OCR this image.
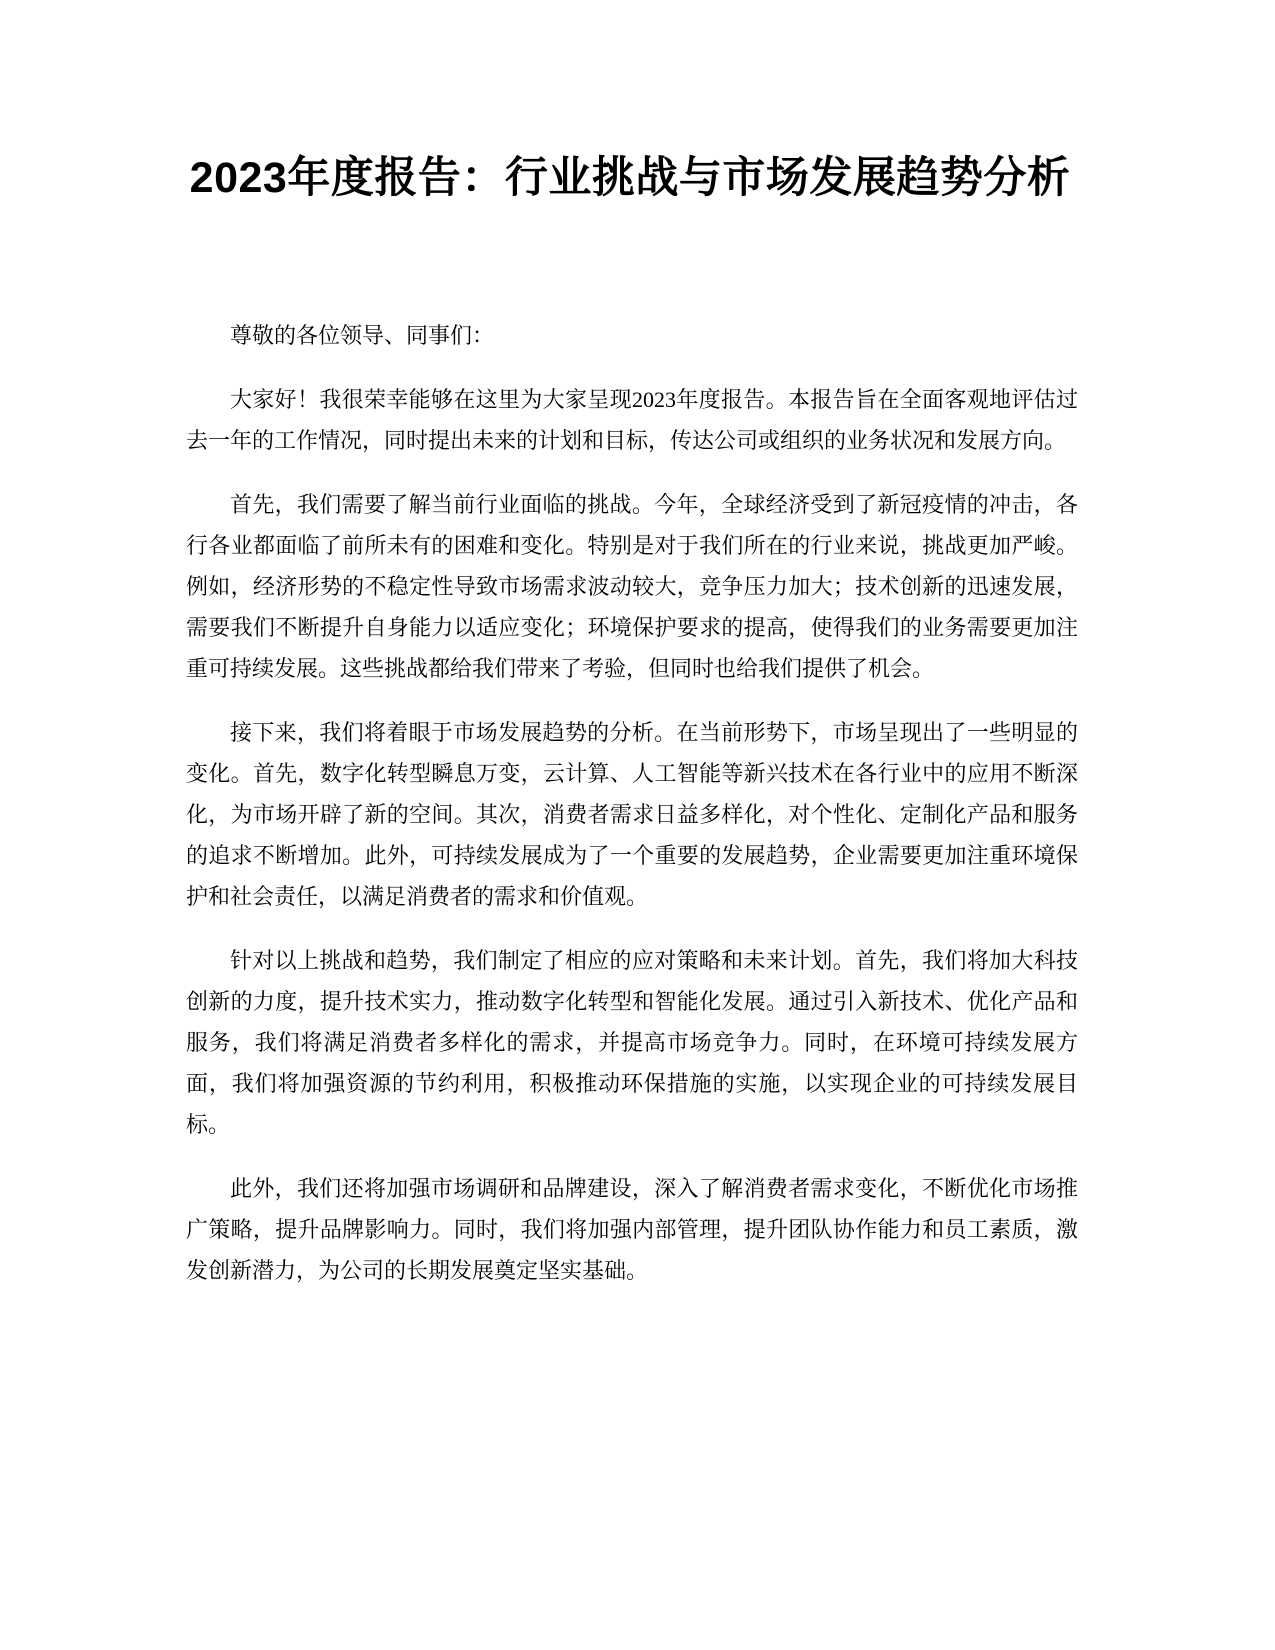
2023年度报告：行业挑战与市场发展趋势分析

尊敬的各位领导、同事们：

大家好！我很荣幸能够在这里为大家呈现2023年度报告。本报告旨在全面客观地评估过去一年的工作情况，同时提出未来的计划和目标，传达公司或组织的业务状况和发展方向。

首先，我们需要了解当前行业面临的挑战。今年，全球经济受到了新冠疫情的冲击，各行各业都面临了前所未有的困难和变化。特别是对于我们所在的行业来说，挑战更加严峻。例如，经济形势的不稳定性导致市场需求波动较大，竞争压力加大；技术创新的迅速发展，需要我们不断提升自身能力以适应变化；环境保护要求的提高，使得我们的业务需要更加注重可持续发展。这些挑战都给我们带来了考验，但同时也给我们提供了机会。

接下来，我们将着眼于市场发展趋势的分析。在当前形势下，市场呈现出了一些明显的变化。首先，数字化转型瞬息万变，云计算、人工智能等新兴技术在各行业中的应用不断深化，为市场开辟了新的空间。其次，消费者需求日益多样化，对个性化、定制化产品和服务的追求不断增加。此外，可持续发展成为了一个重要的发展趋势，企业需要更加注重环境保护和社会责任，以满足消费者的需求和价值观。

针对以上挑战和趋势，我们制定了相应的应对策略和未来计划。首先，我们将加大科技创新的力度，提升技术实力，推动数字化转型和智能化发展。通过引入新技术、优化产品和服务，我们将满足消费者多样化的需求，并提高市场竞争力。同时，在环境可持续发展方面，我们将加强资源的节约利用，积极推动环保措施的实施，以实现企业的可持续发展目标。

此外，我们还将加强市场调研和品牌建设，深入了解消费者需求变化，不断优化市场推广策略，提升品牌影响力。同时，我们将加强内部管理，提升团队协作能力和员工素质，激发创新潜力，为公司的长期发展奠定坚实基础。
